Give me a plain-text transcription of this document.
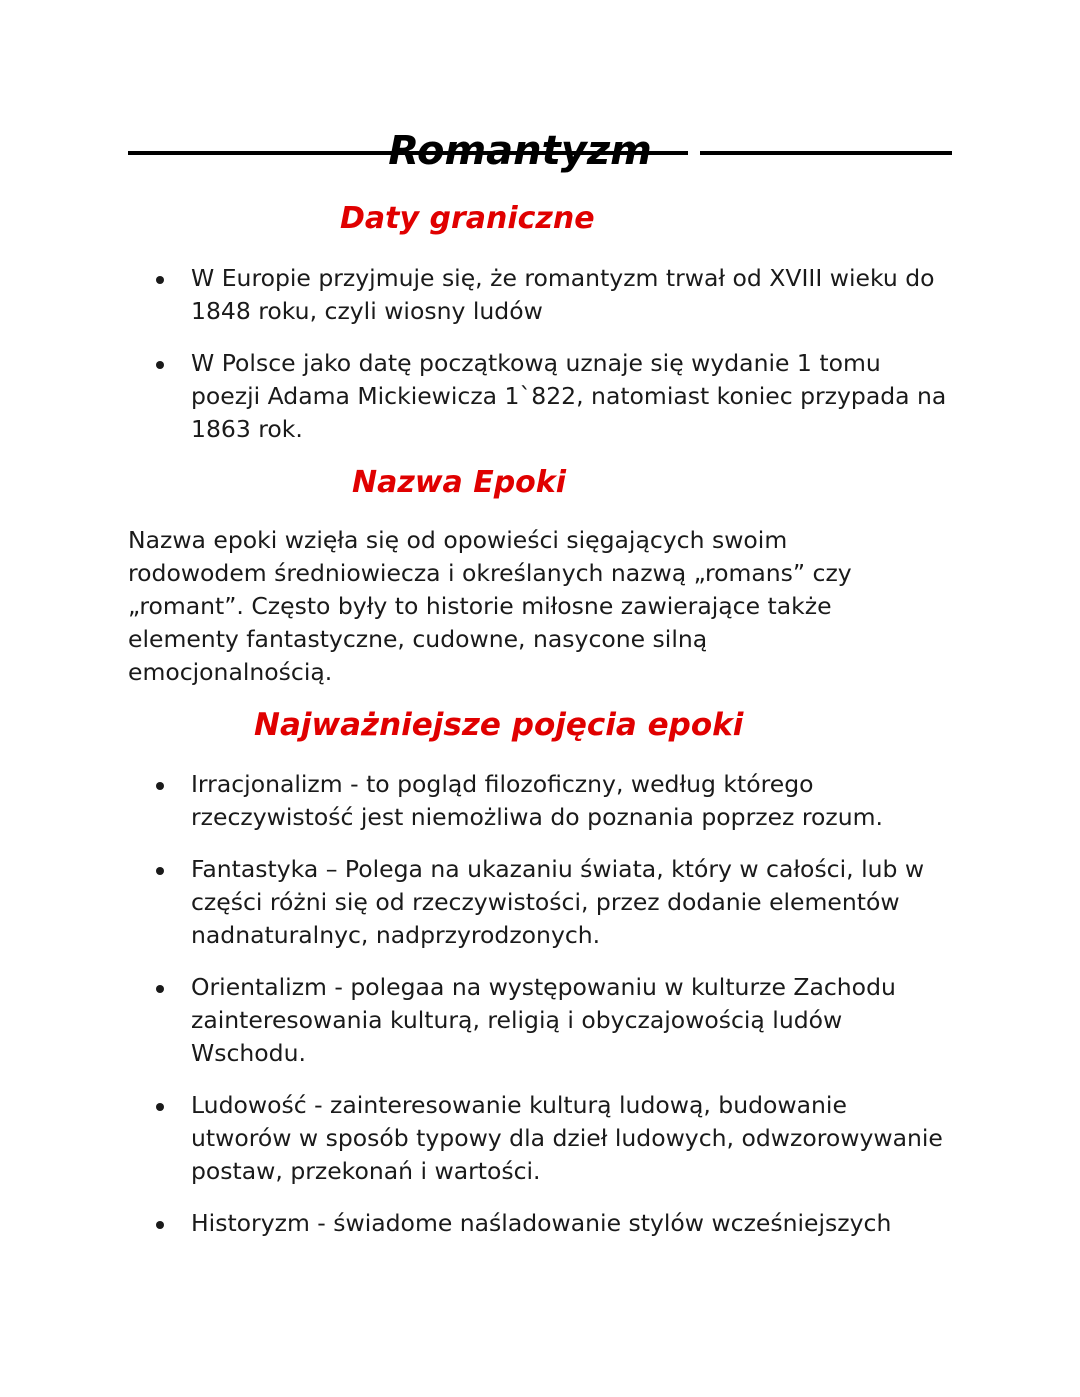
Romantyzm
Daty graniczne
W Europie przyjmuje się, że romantyzm trwał od XVIII wieku do 1848 roku, czyli wiosny ludów
W Polsce jako datę początkową uznaje się wydanie 1 tomu poezji Adama Mickiewicza 1`822, natomiast koniec przypada na 1863 rok.
Nazwa Epoki

Nazwa epoki wzięła się od opowieści sięgających swoim rodowodem średniowiecza i określanych nazwą „romans” czy „romant”. Często były to historie miłosne zawierające także elementy fantastyczne, cudowne, nasycone silną emocjonalnością.

Najważniejsze pojęcia epoki
Irracjonalizm - to pogląd filozoficzny, według którego rzeczywistość jest niemożliwa do poznania poprzez rozum.
Fantastyka – Polega na ukazaniu świata, który w całości, lub w części różni się od rzeczywistości, przez dodanie elementów nadnaturalnyc, nadprzyrodzonych.
Orientalizm - polegaa na występowaniu w kulturze Zachodu zainteresowania kulturą, religią i obyczajowością ludów Wschodu.
Ludowość - zainteresowanie kulturą ludową, budowanie utworów w sposób typowy dla dzieł ludowych, odwzorowywanie postaw, przekonań i wartości.
Historyzm - świadome naśladowanie stylów wcześniejszych
